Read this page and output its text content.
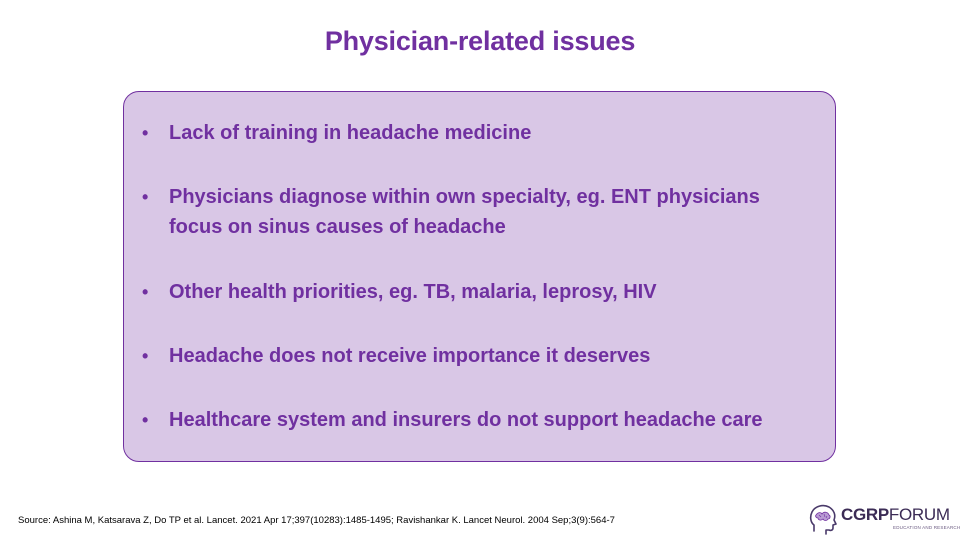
Physician-related issues
• Lack of training in headache medicine
• Physicians diagnose within own specialty, eg. ENT physicians focus on sinus causes of headache
• Other health priorities, eg. TB, malaria, leprosy, HIV
• Headache does not receive importance it deserves
• Healthcare system and insurers do not support headache care
Source: Ashina M, Katsarava Z, Do TP et al. Lancet. 2021 Apr 17;397(10283):1485-1495; Ravishankar K. Lancet Neurol. 2004 Sep;3(9):564-7	CGRPFORUM
EDUCATION AND RESEARCH
